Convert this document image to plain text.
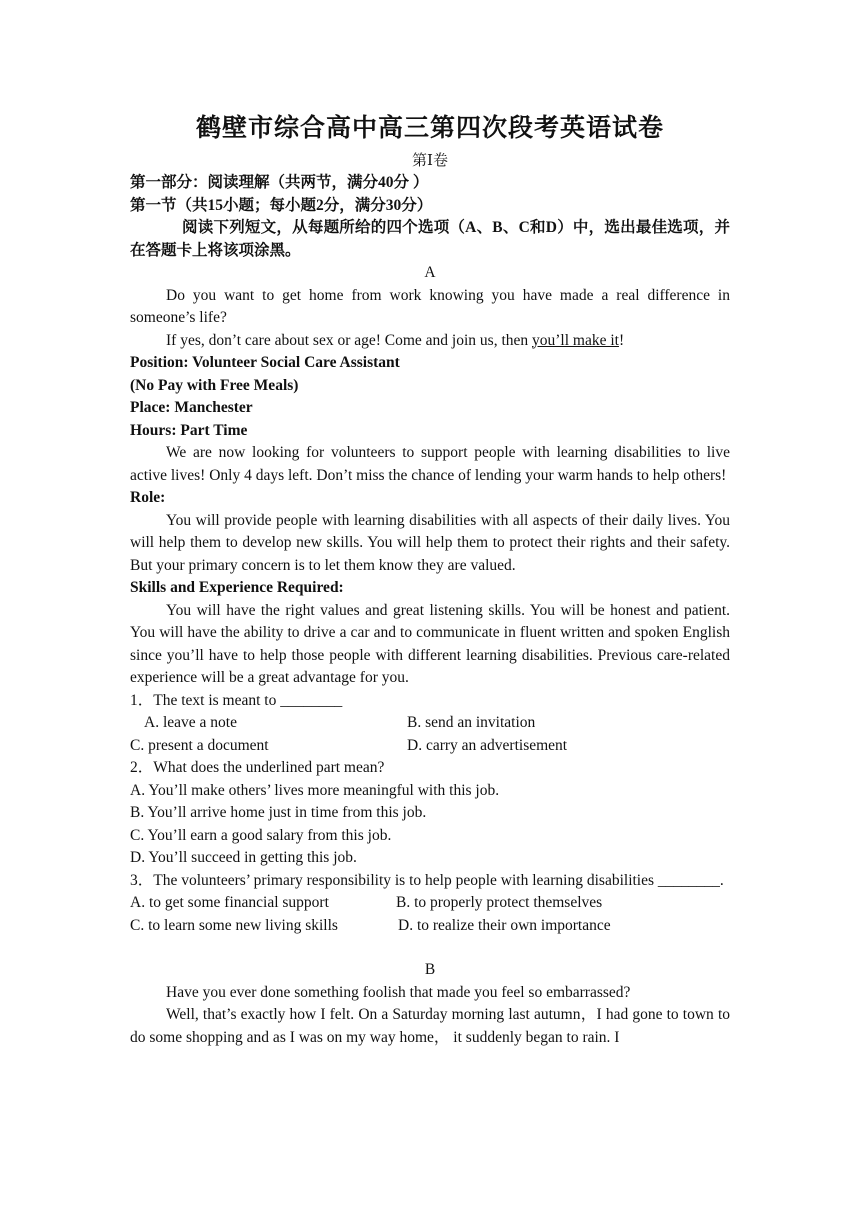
鹤壁市综合高中高三第四次段考英语试卷
第Ⅰ卷
第一部分：阅读理解（共两节，满分40分 ）
第一节（共15小题；每小题2分，满分30分）
阅读下列短文，从每题所给的四个选项（A、B、C和D）中，选出最佳选项，并在答题卡上将该项涂黑。
A
Do you want to get home from work knowing you have made a real difference in someone’s life?
If yes, don’t care about sex or age! Come and join us, then you’ll make it!
Position: Volunteer Social Care Assistant
(No Pay with Free Meals)
Place: Manchester
Hours: Part Time
We are now looking for volunteers to support people with learning disabilities to live active lives! Only 4 days left. Don’t miss the chance of lending your warm hands to help others!
Role:
You will provide people with learning disabilities with all aspects of their daily lives. You will help them to develop new skills. You will help them to protect their rights and their safety. But your primary concern is to let them know they are valued.
Skills and Experience Required:
You will have the right values and great listening skills. You will be honest and patient. You will have the ability to drive a car and to communicate in fluent written and spoken English since you’ll have to help those people with different learning disabilities. Previous care-related experience will be a great advantage for you.
1．The text is meant to ________
A. leave a note	B. send an invitation
C. present a document	D. carry an advertisement
2．What does the underlined part mean?
A. You’ll make others’ lives more meaningful with this job.
B. You’ll arrive home just in time from this job.
C. You’ll earn a good salary from this job.
D. You’ll succeed in getting this job.
3．The volunteers’ primary responsibility is to help people with learning disabilities ________.
A. to get some financial support	B. to properly protect themselves
C. to learn some new living skills	D. to realize their own importance
B
Have you ever done something foolish that made you feel so embarrassed?
Well, that’s exactly how I felt. On a Saturday morning last autumn，I had gone to town to do some shopping and as I was on my way home， it suddenly began to rain. I
